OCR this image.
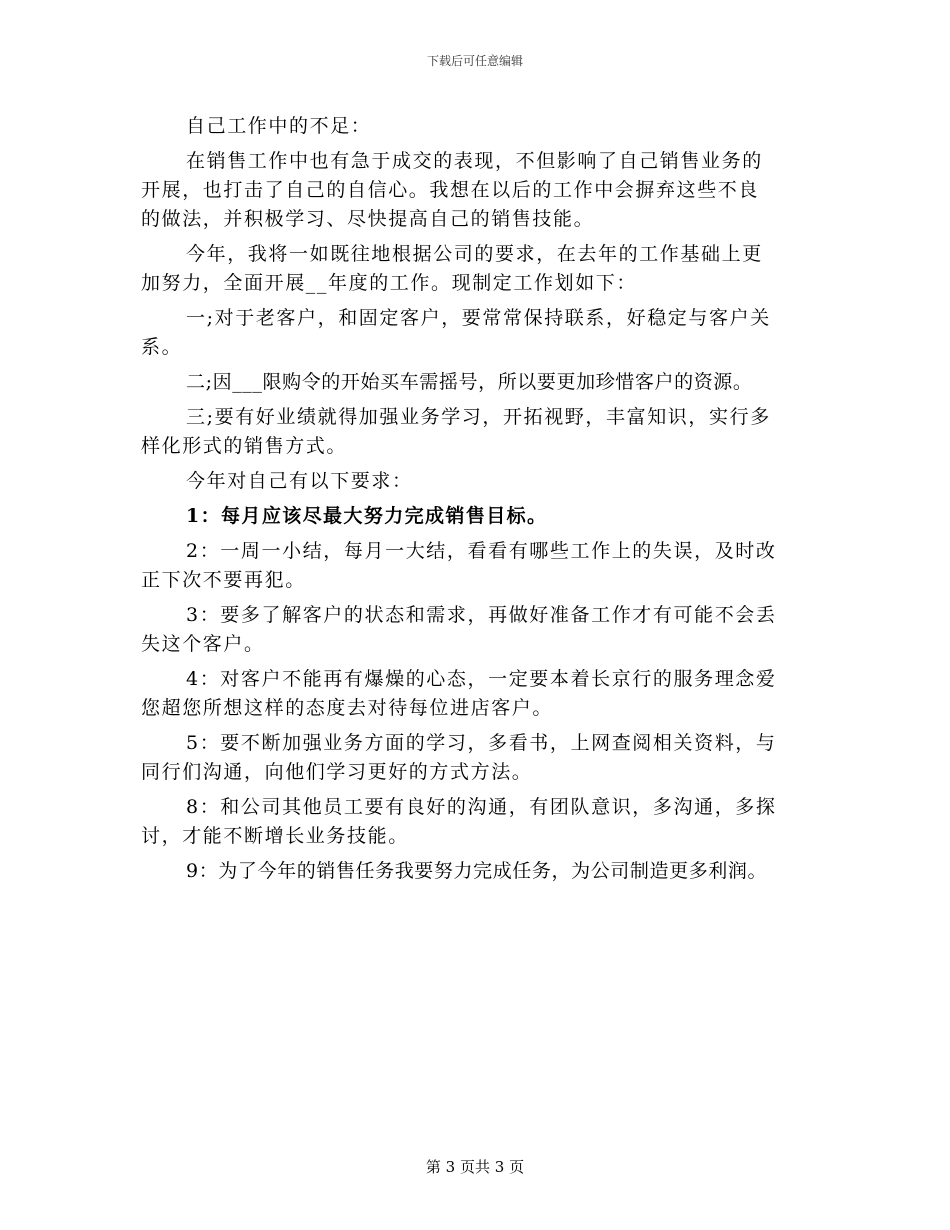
下载后可任意编辑

自己工作中的不足：

在销售工作中也有急于成交的表现，不但影响了自己销售业务的
开展，也打击了自己的自信心。我想在以后的工作中会摒弃这些不良
的做法，并积极学习、尽快提高自己的销售技能。

今年，我将一如既往地根据公司的要求，在去年的工作基础上更
加努力，全面开展__年度的工作。现制定工作划如下：

一;对于老客户，和固定客户，要常常保持联系，好稳定与客户关
系。

二;因___限购令的开始买车需摇号，所以要更加珍惜客户的资源。

三;要有好业绩就得加强业务学习，开拓视野，丰富知识，实行多
样化形式的销售方式。

今年对自己有以下要求：

1：每月应该尽最大努力完成销售目标。

2：一周一小结，每月一大结，看看有哪些工作上的失误，及时改
正下次不要再犯。

3：要多了解客户的状态和需求，再做好准备工作才有可能不会丢
失这个客户。

4：对客户不能再有爆燥的心态，一定要本着长京行的服务理念爱
您超您所想这样的态度去对待每位进店客户。

5：要不断加强业务方面的学习，多看书，上网查阅相关资料，与
同行们沟通，向他们学习更好的方式方法。

8：和公司其他员工要有良好的沟通，有团队意识，多沟通，多探
讨，才能不断增长业务技能。

9：为了今年的销售任务我要努力完成任务，为公司制造更多利润。

第 3 页共 3 页
